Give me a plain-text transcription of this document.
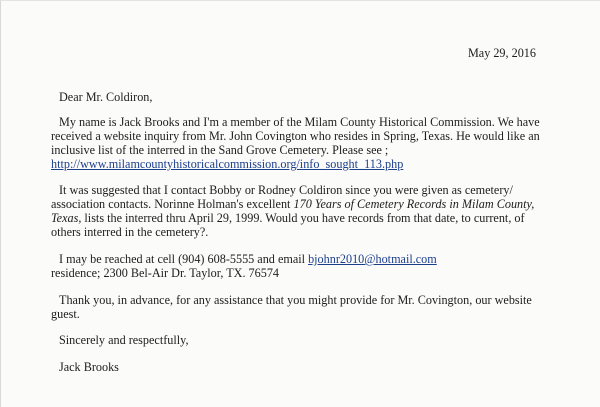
May 29, 2016
Dear Mr. Coldiron,
My name is Jack Brooks and I'm a member of the Milam County Historical Commission. We have
received a website inquiry from Mr. John Covington who resides in Spring, Texas. He would like an
inclusive list of the interred in the Sand Grove Cemetery. Please see ;
http://www.milamcountyhistoricalcommission.org/info_sought_113.php
It was suggested that I contact Bobby or Rodney Coldiron since you were given as cemetery/
association contacts. Norinne Holman's excellent 170 Years of Cemetery Records in Milam County,
Texas, lists the interred thru April 29, 1999. Would you have records from that date, to current, of
others interred in the cemetery?.
I may be reached at cell (904) 608-5555 and email bjohnr2010@hotmail.com
residence; 2300 Bel-Air Dr. Taylor, TX. 76574
Thank you, in advance, for any assistance that you might provide for Mr. Covington, our website
guest.
Sincerely and respectfully,
Jack Brooks
